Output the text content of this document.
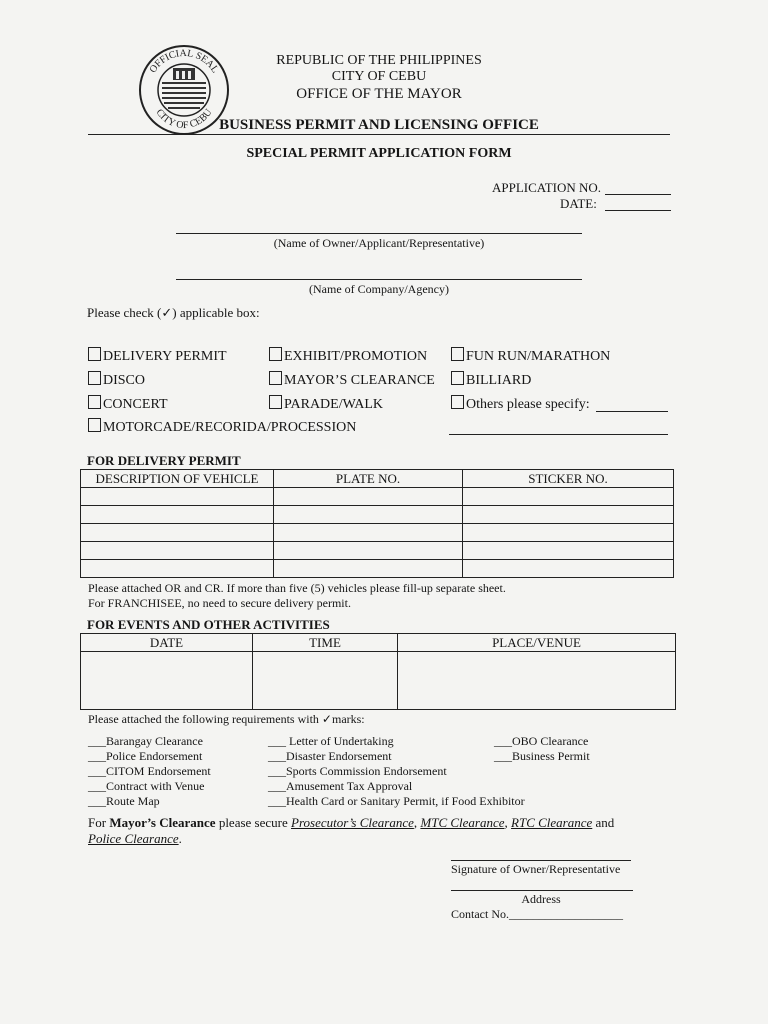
OFFICIAL SEAL
CITY OF CEBU
REPUBLIC OF THE PHILIPPINES
CITY OF CEBU
OFFICE OF THE MAYOR
BUSINESS PERMIT AND LICENSING OFFICE
SPECIAL PERMIT APPLICATION FORM
APPLICATION NO.
DATE:
(Name of Owner/Applicant/Representative)
(Name of Company/Agency)
Please check (✓) applicable box:
DELIVERY PERMIT
DISCO
CONCERT
MOTORCADE/RECORIDA/PROCESSION
EXHIBIT/PROMOTION
MAYOR’S CLEARANCE
PARADE/WALK
FUN RUN/MARATHON
BILLIARD
Others please specify:
FOR DELIVERY PERMIT
DESCRIPTION OF VEHICLE	PLATE NO.	STICKER NO.

Please attached OR and CR. If more than five (5) vehicles please fill-up separate sheet.
For FRANCHISEE, no need to secure delivery permit.
FOR EVENTS AND OTHER ACTIVITIES
DATE	TIME	PLACE/VENUE

Please attached the following requirements with ✓marks:
___Barangay Clearance
___Police Endorsement
___CITOM Endorsement
___Contract with Venue
___Route Map
___ Letter of Undertaking
___Disaster Endorsement
___Sports Commission Endorsement
___Amusement Tax Approval
___Health Card or Sanitary Permit, if Food Exhibitor
___OBO Clearance
___Business Permit
For Mayor’s Clearance please secure Prosecutor’s Clearance, MTC Clearance, RTC Clearance and Police Clearance.
Signature of Owner/Representative
Address
Contact No.___________________
